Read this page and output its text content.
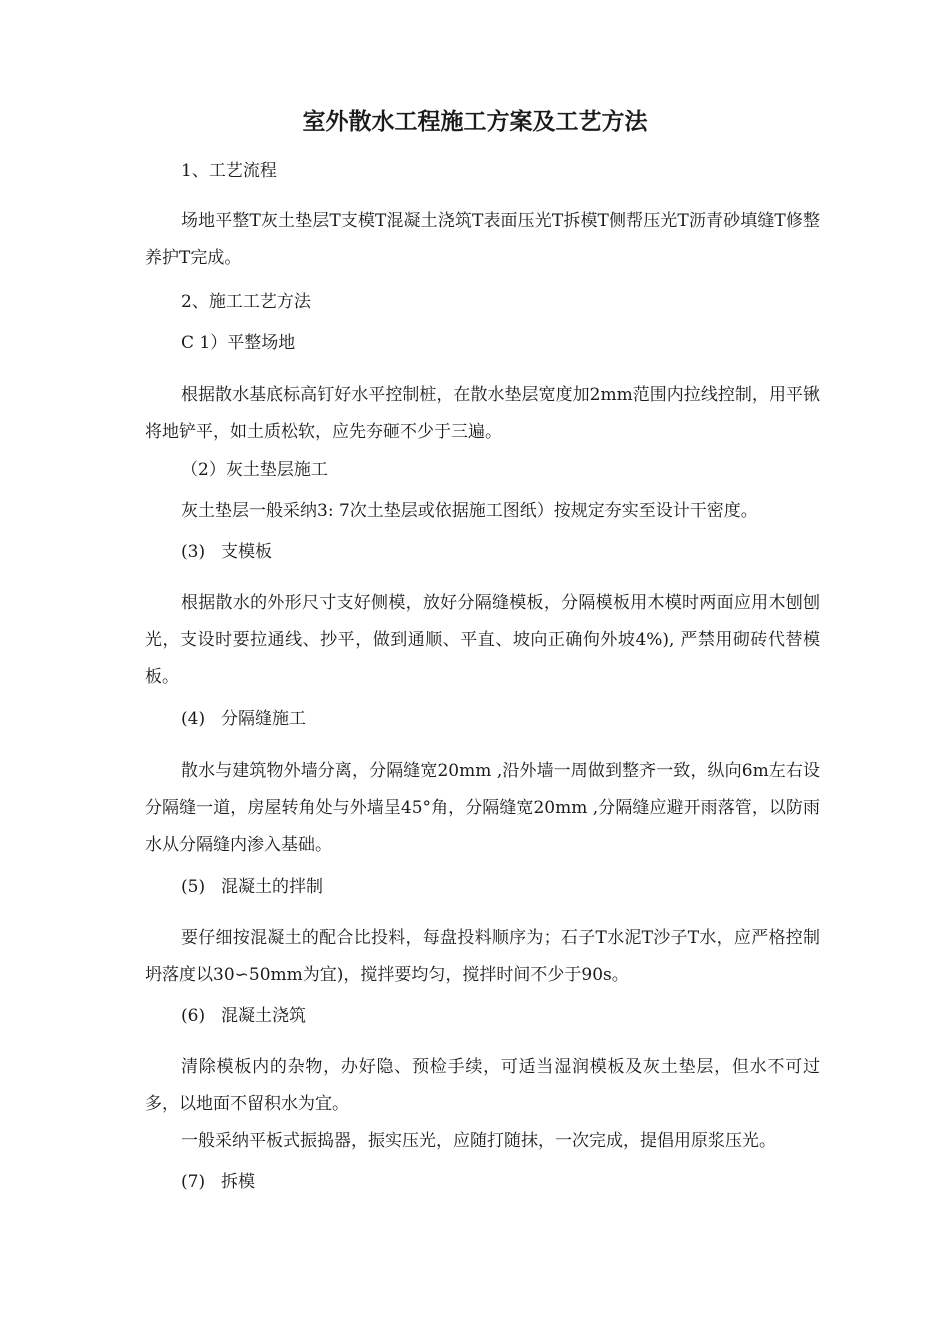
室外散水工程施工方案及工艺方法

1、工艺流程

场地平整T灰土垫层T支模T混凝土浇筑T表面压光T拆模T侧帮压光T沥青砂填缝T修整养护T完成。

2、施工工艺方法

C 1）平整场地

根据散水基底标高钉好水平控制桩，在散水垫层宽度加2mm范围内拉线控制，用平锹将地铲平，如土质松软，应先夯砸不少于三遍。

（2）灰土垫层施工

灰土垫层一般采纳3: 7次土垫层或依据施工图纸）按规定夯实至设计干密度。

(3) 支模板

根据散水的外形尺寸支好侧模，放好分隔缝模板，分隔模板用木模时两面应用木刨刨光，支设时要拉通线、抄平，做到通顺、平直、坡向正确佝外坡4%), 严禁用砌砖代替模板。

(4) 分隔缝施工

散水与建筑物外墙分离，分隔缝宽20mm ,沿外墙一周做到整齐一致，纵向6m左右设分隔缝一道，房屋转角处与外墙呈45°角，分隔缝宽20mm ,分隔缝应避开雨落管，以防雨水从分隔缝内渗入基础。

(5) 混凝土的拌制

要仔细按混凝土的配合比投料，每盘投料顺序为；石子T水泥T沙子T水，应严格控制坍落度以30∽50mm为宜)，搅拌要均匀，搅拌时间不少于90s。

(6) 混凝土浇筑

清除模板内的杂物，办好隐、预检手续，可适当湿润模板及灰土垫层，但水不可过多，以地面不留积水为宜。

一般采纳平板式振捣器，振实压光，应随打随抹，一次完成，提倡用原浆压光。

(7) 拆模
